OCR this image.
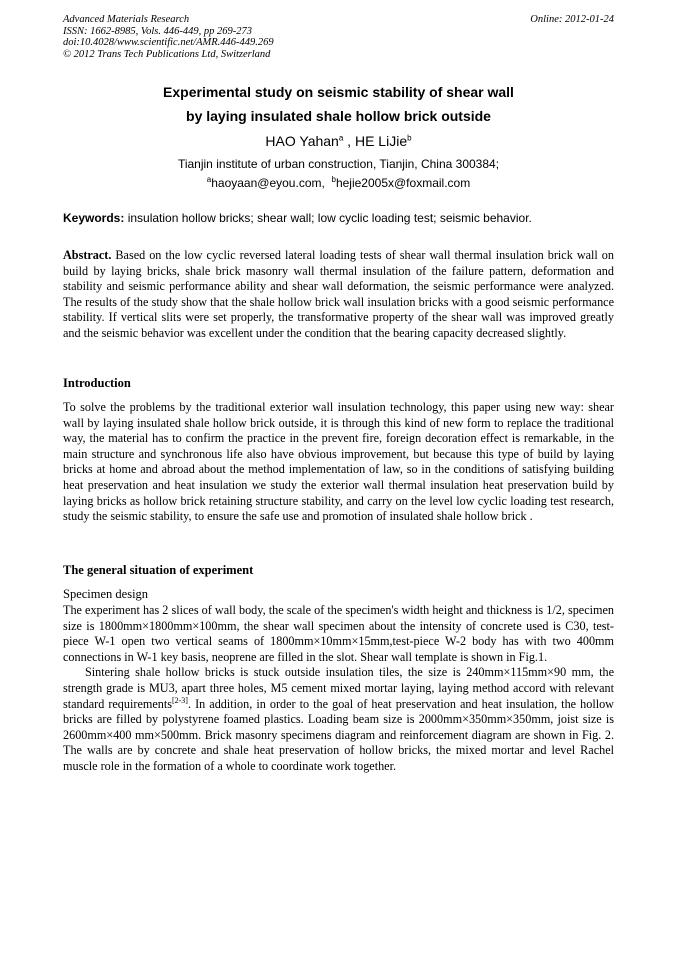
Advanced Materials Research
ISSN: 1662-8985, Vols. 446-449, pp 269-273
doi:10.4028/www.scientific.net/AMR.446-449.269
© 2012 Trans Tech Publications Ltd, Switzerland
Online: 2012-01-24
Experimental study on seismic stability of shear wall
by laying insulated shale hollow brick outside
HAO Yahan$^a$ , HE LiJie$^b$
Tianjin institute of urban construction, Tianjin, China 300384;
$^a$haoyaan@eyou.com, $^b$hejie2005x@foxmail.com
Keywords: insulation hollow bricks; shear wall; low cyclic loading test; seismic behavior.

Abstract. Based on the low cyclic reversed lateral loading tests of shear wall thermal insulation brick wall on build by laying bricks, shale brick masonry wall thermal insulation of the failure pattern, deformation and stability and seismic performance ability and shear wall deformation, the seismic performance were analyzed. The results of the study show that the shale hollow brick wall insulation bricks with a good seismic performance stability. If vertical slits were set properly, the transformative property of the shear wall was improved greatly and the seismic behavior was excellent under the condition that the bearing capacity decreased slightly.

Introduction

To solve the problems by the traditional exterior wall insulation technology, this paper using new way: shear wall by laying insulated shale hollow brick outside, it is through this kind of new form to replace the traditional way, the material has to confirm the practice in the prevent fire, foreign decoration effect is remarkable, in the main structure and synchronous life also have obvious improvement, but because this type of build by laying bricks at home and abroad about the method implementation of law, so in the conditions of satisfying building heat preservation and heat insulation we study the exterior wall thermal insulation heat preservation build by laying bricks as hollow brick retaining structure stability, and carry on the level low cyclic loading test research, study the seismic stability, to ensure the safe use and promotion of insulated shale hollow brick .

The general situation of experiment

Specimen design

The experiment has 2 slices of wall body, the scale of the specimen's width height and thickness is 1/2, specimen size is 1800mm×1800mm×100mm, the shear wall specimen about the intensity of concrete used is C30, test-piece W-1 open two vertical seams of 1800mm×10mm×15mm,test-piece W-2 body has with two 400mm connections in W-1 key basis, neoprene are filled in the slot. Shear wall template is shown in Fig.1.

Sintering shale hollow bricks is stuck outside insulation tiles, the size is 240mm×115mm×90 mm, the strength grade is MU3, apart three holes, M5 cement mixed mortar laying, laying method accord with relevant standard requirements[2-3]. In addition, in order to the goal of heat preservation and heat insulation, the hollow bricks are filled by polystyrene foamed plastics. Loading beam size is 2000mm×350mm×350mm, joist size is 2600mm×400 mm×500mm. Brick masonry specimens diagram and reinforcement diagram are shown in Fig. 2. The walls are by concrete and shale heat preservation of hollow bricks, the mixed mortar and level Rachel muscle role in the formation of a whole to coordinate work together.
